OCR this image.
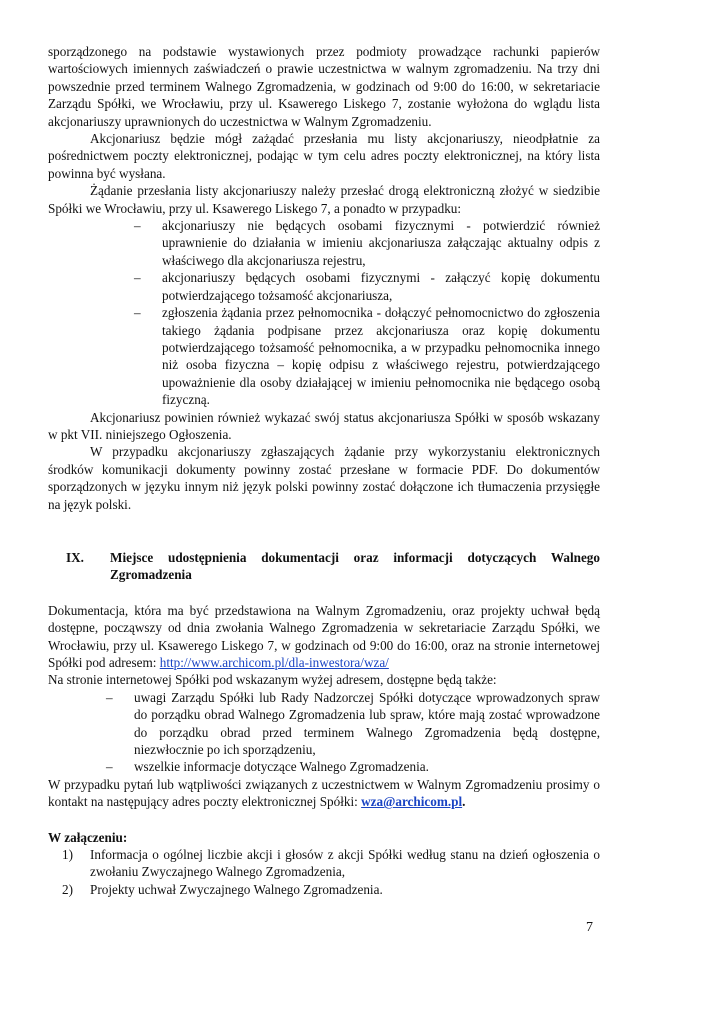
sporządzonego na podstawie wystawionych przez podmioty prowadzące rachunki papierów wartościowych imiennych zaświadczeń o prawie uczestnictwa w walnym zgromadzeniu. Na trzy dni powszednie przed terminem Walnego Zgromadzenia, w godzinach od 9:00 do 16:00, w sekretariacie Zarządu Spółki, we Wrocławiu, przy ul. Ksawerego Liskego 7, zostanie wyłożona do wglądu lista akcjonariuszy uprawnionych do uczestnictwa w Walnym Zgromadzeniu.

Akcjonariusz będzie mógł zażądać przesłania mu listy akcjonariuszy, nieodpłatnie za pośrednictwem poczty elektronicznej, podając w tym celu adres poczty elektronicznej, na który lista powinna być wysłana.

Żądanie przesłania listy akcjonariuszy należy przesłać drogą elektroniczną złożyć w siedzibie Spółki we Wrocławiu, przy ul. Ksawerego Liskego 7, a ponadto w przypadku:

– akcjonariuszy nie będących osobami fizycznymi - potwierdzić również uprawnienie do działania w imieniu akcjonariusza załączając aktualny odpis z właściwego dla akcjonariusza rejestru,
– akcjonariuszy będących osobami fizycznymi - załączyć kopię dokumentu potwierdzającego tożsamość akcjonariusza,
– zgłoszenia żądania przez pełnomocnika - dołączyć pełnomocnictwo do zgłoszenia takiego żądania podpisane przez akcjonariusza oraz kopię dokumentu potwierdzającego tożsamość pełnomocnika, a w przypadku pełnomocnika innego niż osoba fizyczna – kopię odpisu z właściwego rejestru, potwierdzającego upoważnienie dla osoby działającej w imieniu pełnomocnika nie będącego osobą fizyczną.

Akcjonariusz powinien również wykazać swój status akcjonariusza Spółki w sposób wskazany w pkt VII. niniejszego Ogłoszenia.

W przypadku akcjonariuszy zgłaszających żądanie przy wykorzystaniu elektronicznych środków komunikacji dokumenty powinny zostać przesłane w formacie PDF. Do dokumentów sporządzonych w języku innym niż język polski powinny zostać dołączone ich tłumaczenia przysięgłe na język polski.

IX.	Miejsce udostępnienia dokumentacji oraz informacji dotyczących Walnego Zgromadzenia

Dokumentacja, która ma być przedstawiona na Walnym Zgromadzeniu, oraz projekty uchwał będą dostępne, począwszy od dnia zwołania Walnego Zgromadzenia w sekretariacie Zarządu Spółki, we Wrocławiu, przy ul. Ksawerego Liskego 7, w godzinach od 9:00 do 16:00, oraz na stronie internetowej Spółki pod adresem: http://www.archicom.pl/dla-inwestora/wza/

Na stronie internetowej Spółki pod wskazanym wyżej adresem, dostępne będą także:

– uwagi Zarządu Spółki lub Rady Nadzorczej Spółki dotyczące wprowadzonych spraw do porządku obrad Walnego Zgromadzenia lub spraw, które mają zostać wprowadzone do porządku obrad przed terminem Walnego Zgromadzenia będą dostępne, niezwłocznie po ich sporządzeniu,
– wszelkie informacje dotyczące Walnego Zgromadzenia.

W przypadku pytań lub wątpliwości związanych z uczestnictwem w Walnym Zgromadzeniu prosimy o kontakt na następujący adres poczty elektronicznej Spółki: wza@archicom.pl.

W załączeniu:
1) Informacja o ogólnej liczbie akcji i głosów z akcji Spółki według stanu na dzień ogłoszenia o zwołaniu Zwyczajnego Walnego Zgromadzenia,
2) Projekty uchwał Zwyczajnego Walnego Zgromadzenia.
7
